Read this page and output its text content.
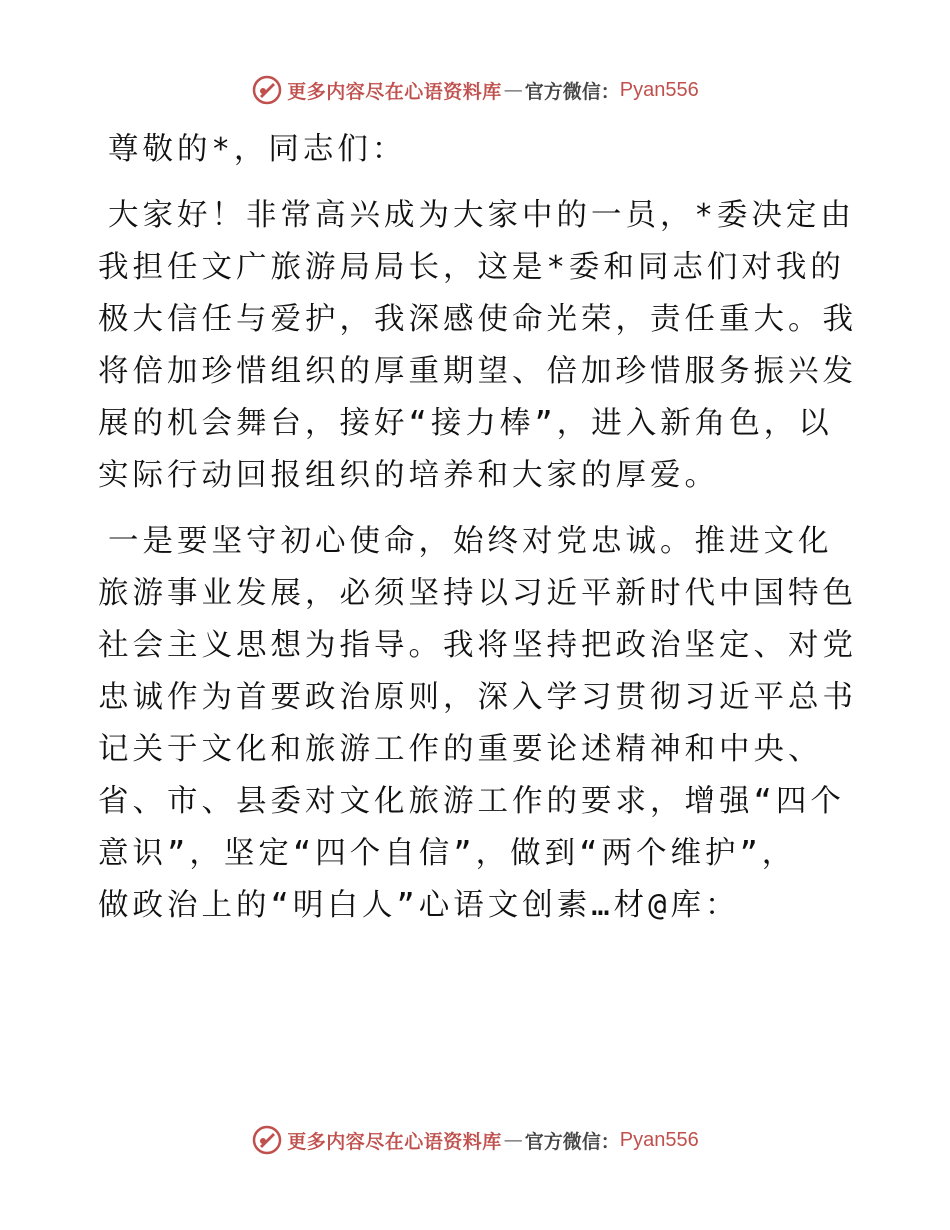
更多内容尽在心语资料库 — 官方微信： Pyan556

尊敬的*，同志们：

大家好！非常高兴成为大家中的一员，*委决定由
我担任文广旅游局局长，这是*委和同志们对我的
极大信任与爱护，我深感使命光荣，责任重大。我
将倍加珍惜组织的厚重期望、倍加珍惜服务振兴发
展的机会舞台，接好“接力棒”，进入新角色，以
实际行动回报组织的培养和大家的厚爱。

一是要坚守初心使命，始终对党忠诚。推进文化
旅游事业发展，必须坚持以习近平新时代中国特色
社会主义思想为指导。我将坚持把政治坚定、对党
忠诚作为首要政治原则，深入学习贯彻习近平总书
记关于文化和旅游工作的重要论述精神和中央、
省、市、县委对文化旅游工作的要求，增强“四个
意识”，坚定“四个自信”，做到“两个维护”，
做政治上的“明白人”心语文创素…材@库：

更多内容尽在心语资料库 — 官方微信： Pyan556
